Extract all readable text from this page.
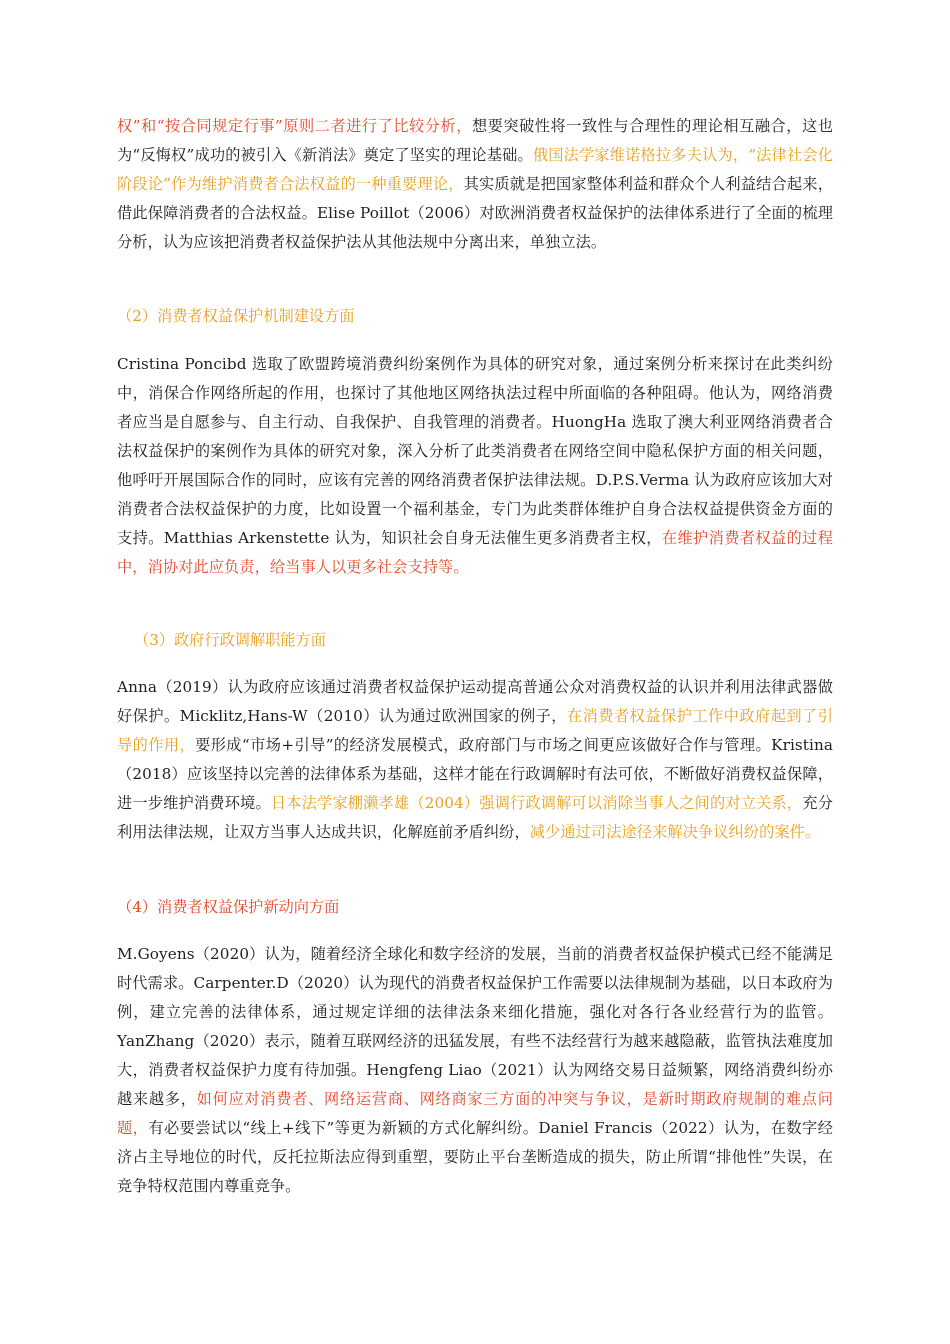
权”和“按合同规定行事”原则二者进行了比较分析，想要突破性将一致性与合理性的理论相互融合，这也为“反悔权”成功的被引入《新消法》奠定了坚实的理论基础。俄国法学家维诺格拉多夫认为，“法律社会化阶段论”作为维护消费者合法权益的一种重要理论，其实质就是把国家整体利益和群众个人利益结合起来，借此保障消费者的合法权益。Elise Poillot（2006）对欧洲消费者权益保护的法律体系进行了全面的梳理分析，认为应该把消费者权益保护法从其他法规中分离出来，单独立法。

（2）消费者权益保护机制建设方面

Cristina Poncibd 选取了欧盟跨境消费纠纷案例作为具体的研究对象，通过案例分析来探讨在此类纠纷中，消保合作网络所起的作用，也探讨了其他地区网络执法过程中所面临的各种阻碍。他认为，网络消费者应当是自愿参与、自主行动、自我保护、自我管理的消费者。HuongHa 选取了澳大利亚网络消费者合法权益保护的案例作为具体的研究对象，深入分析了此类消费者在网络空间中隐私保护方面的相关问题，他呼吁开展国际合作的同时，应该有完善的网络消费者保护法律法规。D.P.S.Verma 认为政府应该加大对消费者合法权益保护的力度，比如设置一个福利基金，专门为此类群体维护自身合法权益提供资金方面的支持。Matthias Arkenstette 认为，知识社会自身无法催生更多消费者主权，在维护消费者权益的过程中，消协对此应负责，给当事人以更多社会支持等。

（3）政府行政调解职能方面

Anna（2019）认为政府应该通过消费者权益保护运动提高普通公众对消费权益的认识并利用法律武器做好保护。Micklitz,Hans-W（2010）认为通过欧洲国家的例子，在消费者权益保护工作中政府起到了引导的作用，要形成“市场+引导”的经济发展模式，政府部门与市场之间更应该做好合作与管理。Kristina（2018）应该坚持以完善的法律体系为基础，这样才能在行政调解时有法可依，不断做好消费权益保障，进一步维护消费环境。日本法学家棚濑孝雄（2004）强调行政调解可以消除当事人之间的对立关系，充分利用法律法规，让双方当事人达成共识，化解庭前矛盾纠纷，减少通过司法途径来解决争议纠纷的案件。

（4）消费者权益保护新动向方面

M.Goyens（2020）认为，随着经济全球化和数字经济的发展，当前的消费者权益保护模式已经不能满足时代需求。Carpenter.D（2020）认为现代的消费者权益保护工作需要以法律规制为基础，以日本政府为例，建立完善的法律体系，通过规定详细的法律法条来细化措施，强化对各行各业经营行为的监管。YanZhang（2020）表示，随着互联网经济的迅猛发展，有些不法经营行为越来越隐蔽，监管执法难度加大，消费者权益保护力度有待加强。Hengfeng Liao（2021）认为网络交易日益频繁，网络消费纠纷亦越来越多，如何应对消费者、网络运营商、网络商家三方面的冲突与争议，是新时期政府规制的难点问题，有必要尝试以“线上+线下”等更为新颖的方式化解纠纷。Daniel Francis（2022）认为，在数字经济占主导地位的时代，反托拉斯法应得到重塑，要防止平台垄断造成的损失，防止所谓“排他性”失误，在竞争特权范围内尊重竞争。
